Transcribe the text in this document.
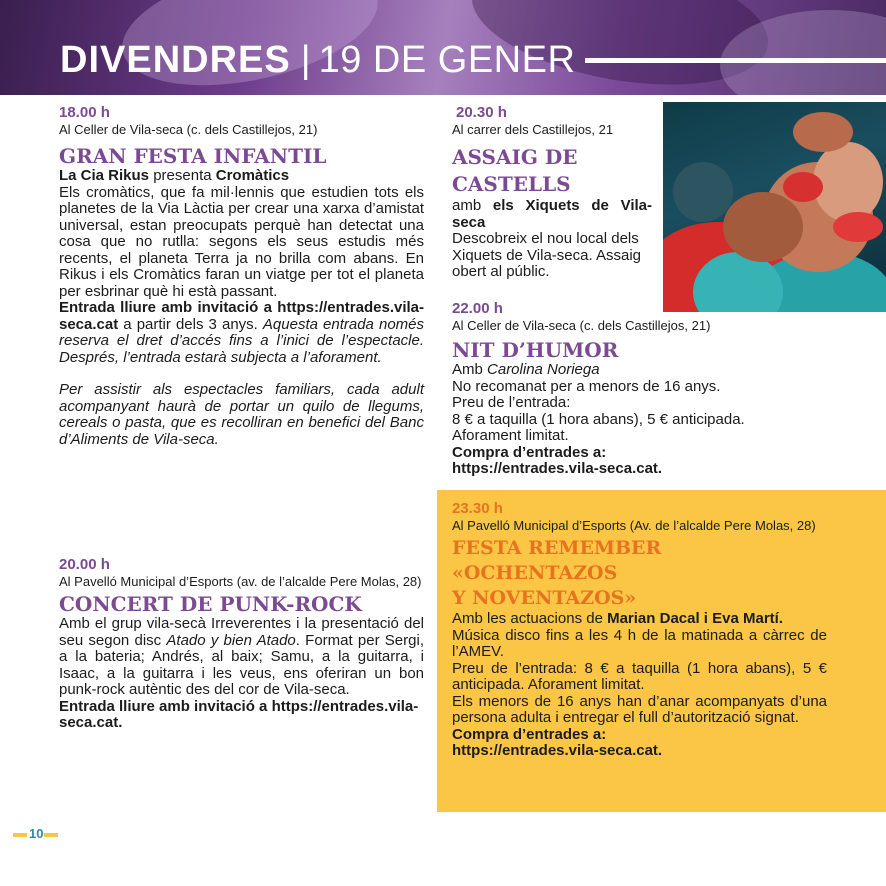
DIVENDRES | 19 DE GENER
18.00 h
Al Celler de Vila-seca (c. dels Castillejos, 21)
GRAN FESTA INFANTIL
La Cia Rikus presenta Cromàtics
Els cromàtics, que fa mil·lennis que estudien tots els planetes de la Via Làctia per crear una xarxa d’amistat universal, estan preocupats perquè han detectat una cosa que no rutlla: segons els seus estudis més recents, el planeta Terra ja no brilla com abans. En Rikus i els Cromàtics faran un viatge per tot el planeta per esbrinar què hi està passant.
Entrada lliure amb invitació a https://entrades.vila-seca.cat a partir dels 3 anys. Aquesta entrada només reserva el dret d’accés fins a l’inici de l’espectacle. Després, l’entrada estarà subjecta a l’aforament.
Per assistir als espectacles familiars, cada adult acompanyant haurà de portar un quilo de llegums, cereals o pasta, que es recolliran en benefici del Banc d’Aliments de Vila-seca.
20.00 h
Al Pavelló Municipal d’Esports (av. de l’alcalde Pere Molas, 28)
CONCERT DE PUNK-ROCK
Amb el grup vila-secà Irreverentes i la presentació del seu segon disc Atado y bien Atado. Format per Sergi, a la bateria; Andrés, al baix; Samu, a la guitarra, i Isaac, a la guitarra i les veus, ens oferiran un bon punk-rock autèntic des del cor de Vila-seca.
Entrada lliure amb invitació a https://entrades.vila-seca.cat.
20.30 h
Al carrer dels Castillejos, 21
ASSAIG DE
CASTELLS
amb els Xiquets de Vila-seca
Descobreix el nou local dels Xiquets de Vila-seca. Assaig obert al públic.
22.00 h
Al Celler de Vila-seca (c. dels Castillejos, 21)
NIT D’HUMOR
Amb Carolina Noriega
No recomanat per a menors de 16 anys.
Preu de l’entrada:
8 € a taquilla (1 hora abans), 5 € anticipada.
Aforament limitat.
Compra d’entrades a:
https://entrades.vila-seca.cat.
23.30 h
Al Pavelló Municipal d’Esports (Av. de l’alcalde Pere Molas, 28)
FESTA REMEMBER «OCHENTAZOS
Y NOVENTAZOS»
Amb les actuacions de Marian Dacal i Eva Martí.
Música disco fins a les 4 h de la matinada a càrrec de l’AMEV.
Preu de l’entrada: 8 € a taquilla (1 hora abans), 5 € anticipada. Aforament limitat.
Els menors de 16 anys han d’anar acompanyats d’una persona adulta i entregar el full d’autorització signat.
Compra d’entrades a:
https://entrades.vila-seca.cat.
10
